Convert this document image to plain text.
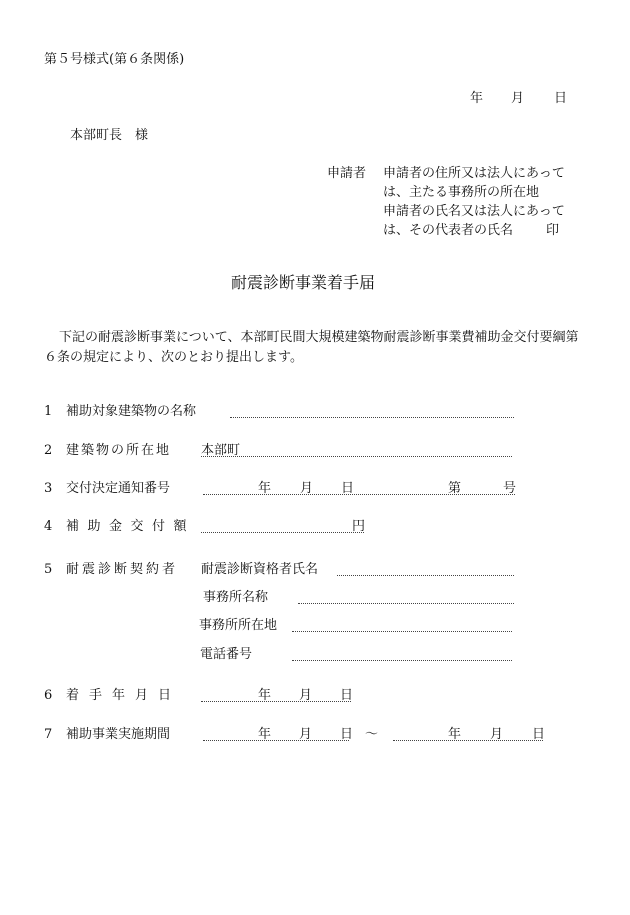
第５号様式(第６条関係)
年 月 日
本部町長　様
申請者 申請者の住所又は法人にあって
は、主たる事務所の所在地
申請者の氏名又は法人にあって
は、その代表者の氏名	印
耐震診断事業着手届
下記の耐震診断事業について、本部町民間大規模建築物耐震診断事業費補助金交付要綱第６条の規定により、次のとおり提出します。
1 補助対象建築物の名称
2 建築物の所在地 本部町
3 交付決定通知番号	年 月 日	第	号
4 補助金交付額	円
5 耐震診断契約者 耐震診断資格者氏名
事務所名称
事務所所在地
電話番号
6 着手年月日	年 月 日
7 補助事業実施期間	年 月 日 ～	年 月 日
